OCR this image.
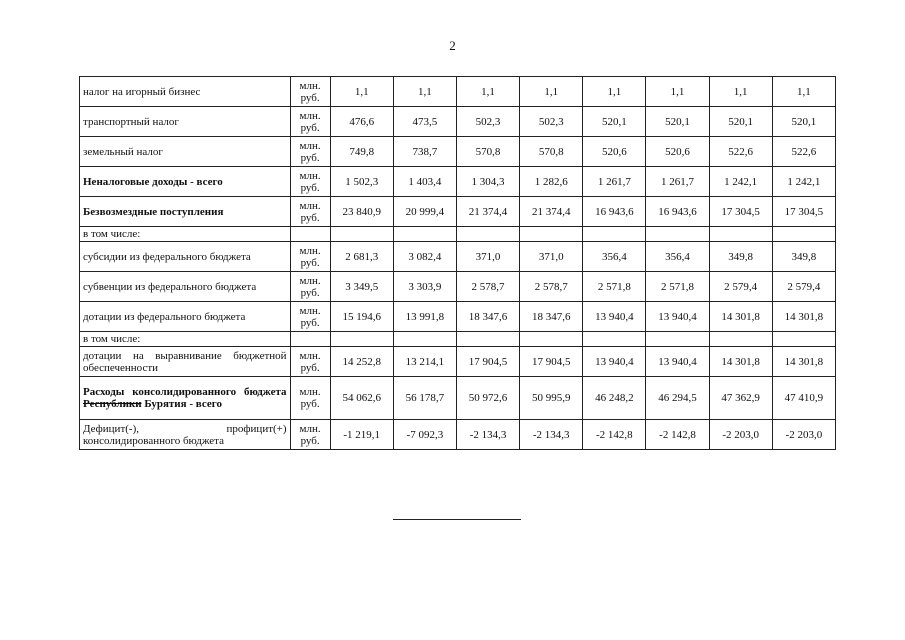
2
налог на игорный бизнес	млн. руб.	1,1	1,1	1,1	1,1	1,1	1,1	1,1	1,1
транспортный налог	млн. руб.	476,6	473,5	502,3	502,3	520,1	520,1	520,1	520,1
земельный налог	млн. руб.	749,8	738,7	570,8	570,8	520,6	520,6	522,6	522,6
Неналоговые доходы - всего	млн. руб.	1 502,3	1 403,4	1 304,3	1 282,6	1 261,7	1 261,7	1 242,1	1 242,1
Безвозмездные поступления	млн. руб.	23 840,9	20 999,4	21 374,4	21 374,4	16 943,6	16 943,6	17 304,5	17 304,5
в том числе:									
субсидии из федерального бюджета	млн. руб.	2 681,3	3 082,4	371,0	371,0	356,4	356,4	349,8	349,8
субвенции из федерального бюджета	млн. руб.	3 349,5	3 303,9	2 578,7	2 578,7	2 571,8	2 571,8	2 579,4	2 579,4
дотации из федерального бюджета	млн. руб.	15 194,6	13 991,8	18 347,6	18 347,6	13 940,4	13 940,4	14 301,8	14 301,8
в том числе:									
дотации на выравнивание бюджетной обеспеченности	млн. руб.	14 252,8	13 214,1	17 904,5	17 904,5	13 940,4	13 940,4	14 301,8	14 301,8
Расходы консолидированного бюджета Республики Бурятия - всего	млн. руб.	54 062,6	56 178,7	50 972,6	50 995,9	46 248,2	46 294,5	47 362,9	47 410,9
Дефицит(-), профицит(+) консолидированного бюджета	млн. руб.	-1 219,1	-7 092,3	-2 134,3	-2 134,3	-2 142,8	-2 142,8	-2 203,0	-2 203,0
